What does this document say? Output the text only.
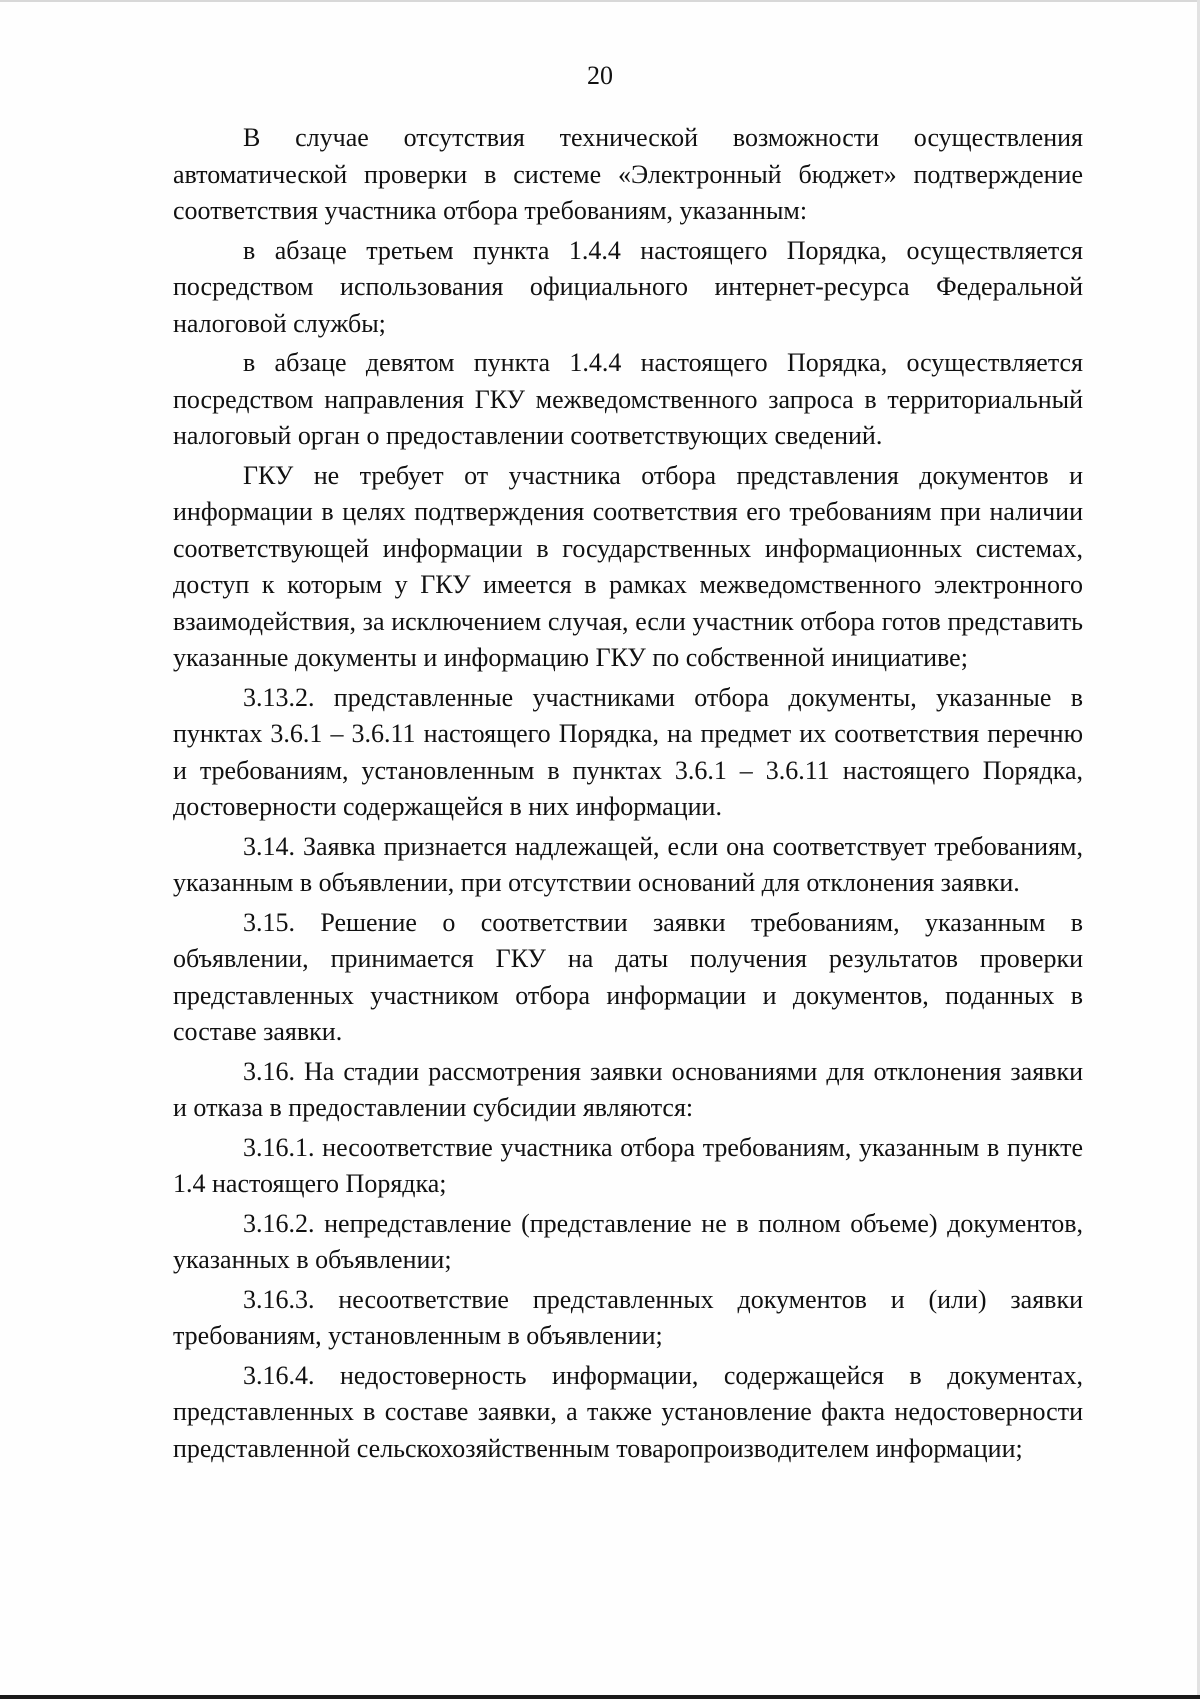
20

В случае отсутствия технической возможности осуществления автоматической проверки в системе «Электронный бюджет» подтверждение соответствия участника отбора требованиям, указанным:

в абзаце третьем пункта 1.4.4 настоящего Порядка, осуществляется посредством использования официального интернет-ресурса Федеральной налоговой службы;

в абзаце девятом пункта 1.4.4 настоящего Порядка, осуществляется посредством направления ГКУ межведомственного запроса в территориальный налоговый орган о предоставлении соответствующих сведений.

ГКУ не требует от участника отбора представления документов и информации в целях подтверждения соответствия его требованиям при наличии соответствующей информации в государственных информационных системах, доступ к которым у ГКУ имеется в рамках межведомственного электронного взаимодействия, за исключением случая, если участник отбора готов представить указанные документы и информацию ГКУ по собственной инициативе;

3.13.2. представленные участниками отбора документы, указанные в пунктах 3.6.1 – 3.6.11 настоящего Порядка, на предмет их соответствия перечню и требованиям, установленным в пунктах 3.6.1 – 3.6.11 настоящего Порядка, достоверности содержащейся в них информации.

3.14. Заявка признается надлежащей, если она соответствует требованиям, указанным в объявлении, при отсутствии оснований для отклонения заявки.

3.15. Решение о соответствии заявки требованиям, указанным в объявлении, принимается ГКУ на даты получения результатов проверки представленных участником отбора информации и документов, поданных в составе заявки.

3.16. На стадии рассмотрения заявки основаниями для отклонения заявки и отказа в предоставлении субсидии являются:

3.16.1. несоответствие участника отбора требованиям, указанным в пункте 1.4 настоящего Порядка;

3.16.2. непредставление (представление не в полном объеме) документов, указанных в объявлении;

3.16.3. несоответствие представленных документов и (или) заявки требованиям, установленным в объявлении;

3.16.4. недостоверность информации, содержащейся в документах, представленных в составе заявки, а также установление факта недостоверности представленной сельскохозяйственным товаропроизводителем информации;
